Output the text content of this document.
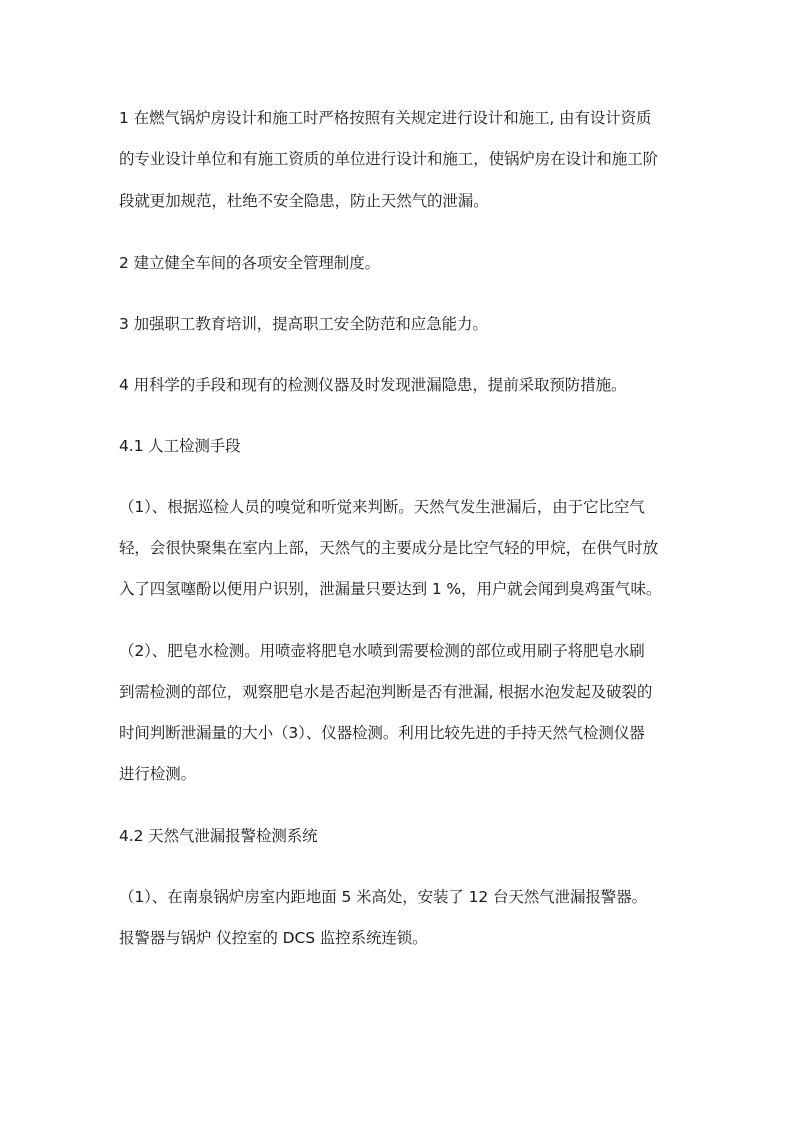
1 在燃气锅炉房设计和施工时严格按照有关规定进行设计和施工, 由有设计资质
的专业设计单位和有施工资质的单位进行设计和施工，使锅炉房在设计和施工阶
段就更加规范，杜绝不安全隐患，防止天然气的泄漏。
2 建立健全车间的各项安全管理制度。
3 加强职工教育培训，提高职工安全防范和应急能力。
4 用科学的手段和现有的检测仪器及时发现泄漏隐患，提前采取预防措施。
4.1 人工检测手段
（1）、根据巡检人员的嗅觉和听觉来判断。天然气发生泄漏后，由于它比空气
轻，会很快聚集在室内上部，天然气的主要成分是比空气轻的甲烷，在供气时放
入了四氢噻酚以便用户识别，泄漏量只要达到 1 %，用户就会闻到臭鸡蛋气味。
（2）、肥皂水检测。用喷壶将肥皂水喷到需要检测的部位或用刷子将肥皂水刷
到需检测的部位，观察肥皂水是否起泡判断是否有泄漏, 根据水泡发起及破裂的
时间判断泄漏量的大小（3）、仪器检测。利用比较先进的手持天然气检测仪器
进行检测。
4.2 天然气泄漏报警检测系统
（1）、在南泉锅炉房室内距地面 5 米高处，安装了 12 台天然气泄漏报警器。
报警器与锅炉 仪控室的 DCS 监控系统连锁。
